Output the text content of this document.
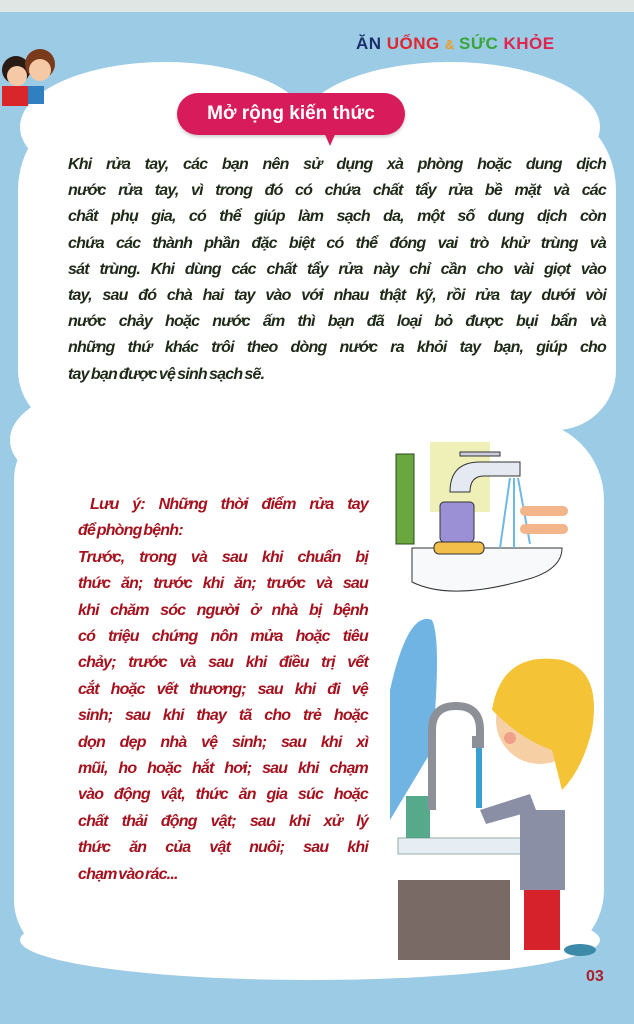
ĂN UỐNG & SỨC KHỎE
Mở rộng kiến thức
Khi rửa tay, các bạn nên sử dụng xà phòng hoặc dung dịch
nước rửa tay, vì trong đó có chứa chất tẩy rửa bề mặt và các
chất phụ gia, có thể giúp làm sạch da, một số dung dịch còn
chứa các thành phần đặc biệt có thể đóng vai trò khử trùng và
sát trùng. Khi dùng các chất tẩy rửa này chỉ cần cho vài giọt vào
tay, sau đó chà hai tay vào với nhau thật kỹ, rồi rửa tay dưới vòi
nước chảy hoặc nước ấm thì bạn đã loại bỏ được bụi bẩn và
những thứ khác trôi theo dòng nước ra khỏi tay bạn, giúp cho
tay bạn được vệ sinh sạch sẽ.
Lưu ý: Những thời điểm rửa tay
để phòng bệnh:
Trước, trong và sau khi chuẩn bị
thức ăn; trước khi ăn; trước và sau
khi chăm sóc người ở nhà bị bệnh
có triệu chứng nôn mửa hoặc tiêu
chảy; trước và sau khi điều trị vết
cắt hoặc vết thương; sau khi đi vệ
sinh; sau khi thay tã cho trẻ hoặc
dọn dẹp nhà vệ sinh; sau khi xì
mũi, ho hoặc hắt hơi; sau khi chạm
vào động vật, thức ăn gia súc hoặc
chất thải động vật; sau khi xử lý
thức ăn của vật nuôi; sau khi
chạm vào rác...
03
